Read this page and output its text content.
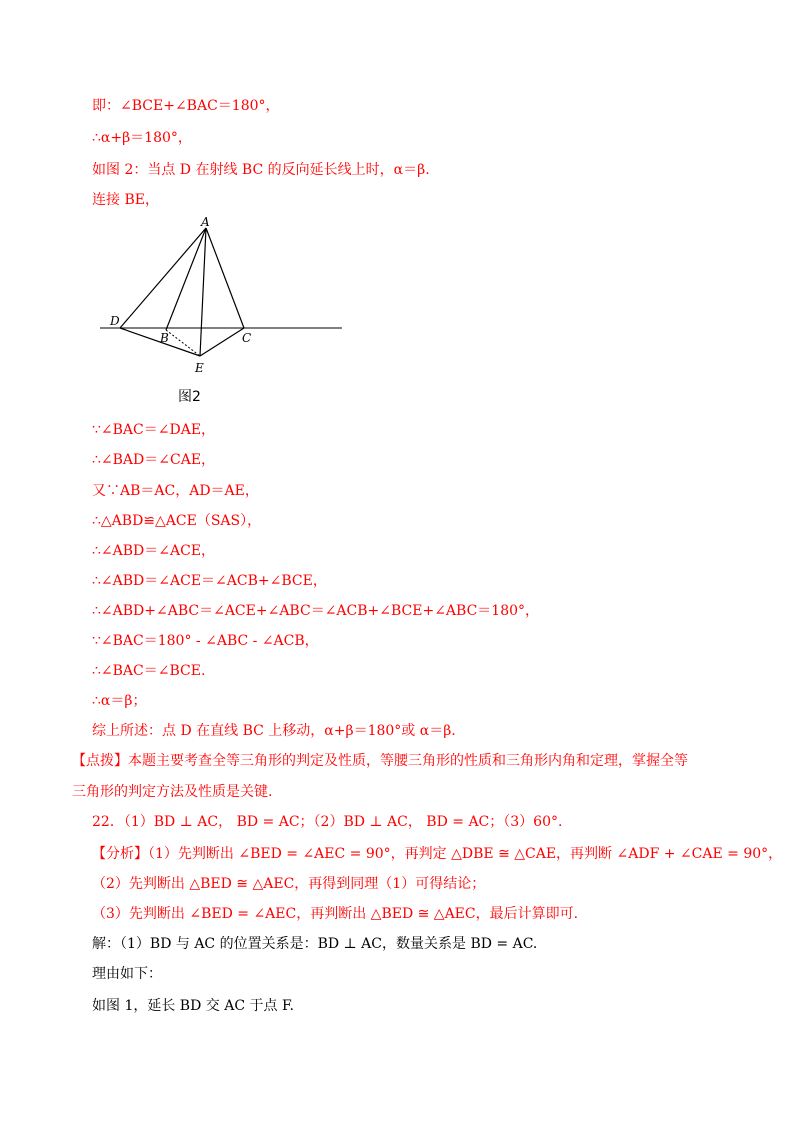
即：∠BCE+∠BAC＝180°，
∴α+β＝180°，
如图 2：当点 D 在射线 BC 的反向延长线上时，α＝β.
连接 BE，
A
D
B	C
E
图2
∵∠BAC＝∠DAE，
∴∠BAD＝∠CAE，
又∵AB＝AC，AD＝AE，
∴△ABD≌△ACE（SAS），
∴∠ABD＝∠ACE，
∴∠ABD＝∠ACE＝∠ACB+∠BCE，
∴∠ABD+∠ABC＝∠ACE+∠ABC＝∠ACB+∠BCE+∠ABC＝180°，
∵∠BAC＝180° - ∠ABC - ∠ACB，
∴∠BAC＝∠BCE.
∴α＝β；
综上所述：点 D 在直线 BC 上移动，α+β＝180°或 α＝β.
【点拨】本题主要考查全等三角形的判定及性质，等腰三角形的性质和三角形内角和定理，掌握全等
三角形的判定方法及性质是关键.
22．（1）BD ⊥ AC， BD = AC；（2）BD ⊥ AC， BD = AC；（3）60°.
【分析】（1）先判断出 ∠BED = ∠AEC = 90°，再判定 △DBE ≅ △CAE，再判断 ∠ADF + ∠CAE = 90°，
（2）先判断出 △BED ≅ △AEC，再得到同理（1）可得结论；
（3）先判断出 ∠BED = ∠AEC，再判断出 △BED ≅ △AEC，最后计算即可.
解：（1）BD 与 AC 的位置关系是：BD ⊥ AC，数量关系是 BD = AC.
理由如下：
如图 1，延长 BD 交 AC 于点 F.
